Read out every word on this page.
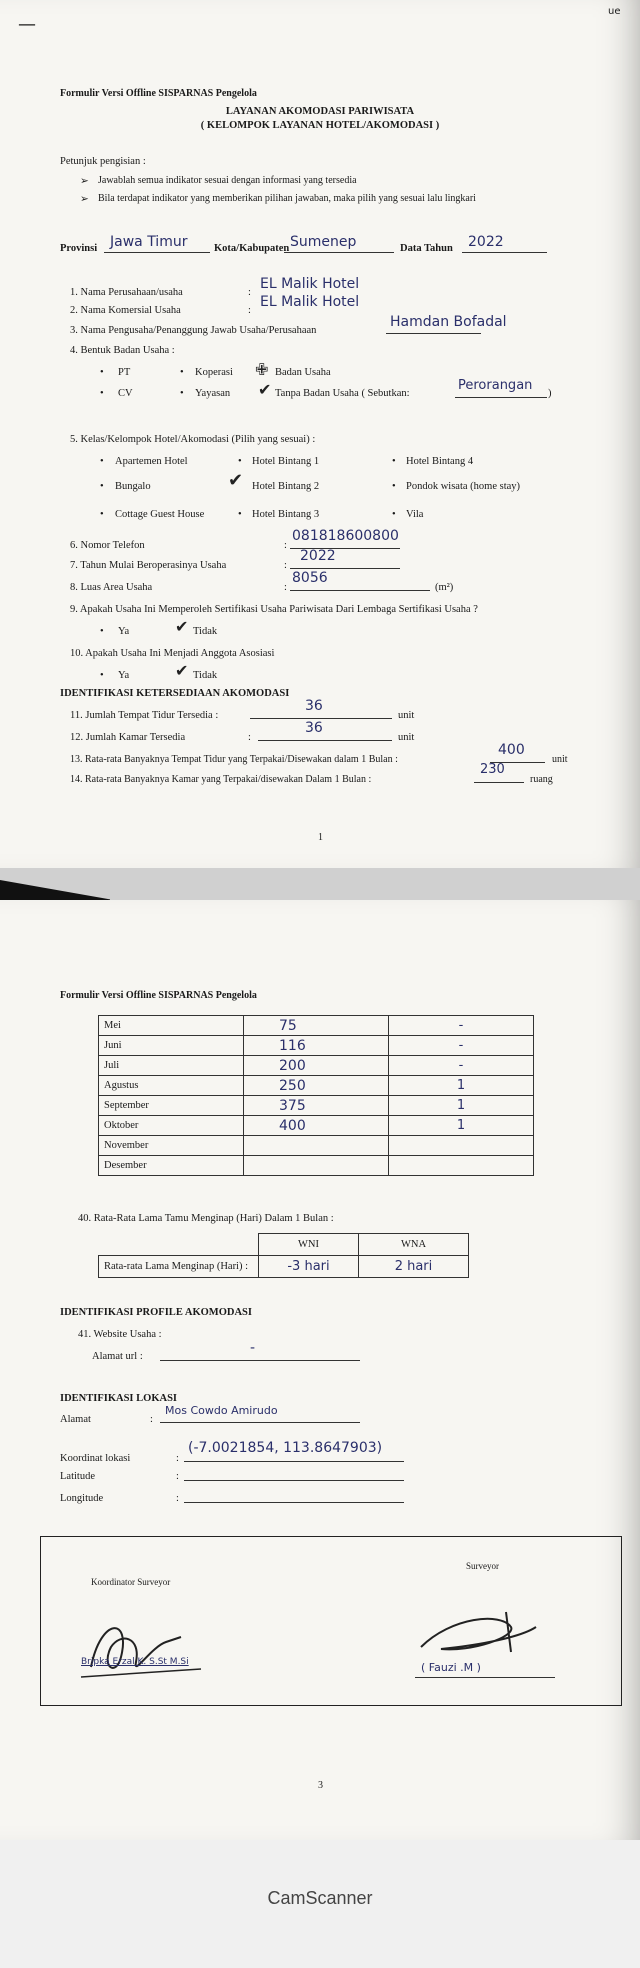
—
ue
Formulir Versi Offline SISPARNAS Pengelola
LAYANAN AKOMODASI PARIWISATA
( KELOMPOK LAYANAN HOTEL/AKOMODASI )
Petunjuk pengisian :
➢ Jawablah semua indikator sesuai dengan informasi yang tersedia
➢ Bila terdapat indikator yang memberikan pilihan jawaban, maka pilih yang sesuai lalu lingkari
Provinsi Jawa Timur	Kota/Kabupaten Sumenep	Data Tahun 2022
1. Nama Perusahaan/usaha	:
EL Malik Hotel
2. Nama Komersial Usaha	:
EL Malik Hotel
3. Nama Pengusaha/Penanggung Jawab Usaha/Perusahaan
Hamdan Bofadal
4. Bentuk Badan Usaha :
• PT	• Koperasi ✙ Badan Usaha
• CV	• Yayasan ✔ Tanpa Badan Usaha ( Sebutkan:
Perorangan
)
5. Kelas/Kelompok Hotel/Akomodasi (Pilih yang sesuai) :
• Apartemen Hotel	• Hotel Bintang 1	• Hotel Bintang 4
• Bungalo	✔ Hotel Bintang 2	• Pondok wisata (home stay)
• Cottage Guest House	• Hotel Bintang 3	• Vila
6. Nomor Telefon	:
081818600800
7. Tahun Mulai Beroperasinya Usaha	:
2022
8. Luas Area Usaha	:
8056
(m²)
9. Apakah Usaha Ini Memperoleh Sertifikasi Usaha Pariwisata Dari Lembaga Sertifikasi Usaha ?
• Ya	✔ Tidak
10. Apakah Usaha Ini Menjadi Anggota Asosiasi
• Ya	✔ Tidak
IDENTIFIKASI KETERSEDIAAN AKOMODASI
11. Jumlah Tempat Tidur Tersedia :
36
unit
12. Jumlah Kamar Tersedia	:
36
unit
13. Rata-rata Banyaknya Tempat Tidur yang Terpakai/Disewakan dalam 1 Bulan :
400
unit
14. Rata-rata Banyaknya Kamar yang Terpakai/disewakan Dalam 1 Bulan :
230
ruang
1
Formulir Versi Offline SISPARNAS Pengelola
Mei	75	-
Juni	116	-
Juli	200	-
Agustus	250	1
September	375	1
Oktober	400	1
November		
Desember		
40. Rata-Rata Lama Tamu Menginap (Hari) Dalam 1 Bulan :
	WNI	WNA
Rata-rata Lama Menginap (Hari) :	-3 hari	2 hari
IDENTIFIKASI PROFILE AKOMODASI
41. Website Usaha :
Alamat url :
-
IDENTIFIKASI LOKASI
Alamat	:
Mos Cowdo Amirudo
Koordinat lokasi	:
(-7.0021854, 113.8647903)
Latitude	:
Longitude	:
Koordinator Surveyor
Bripka Erzal K. S.St M.Si
Surveyor
( Fauzi .M )
3
CamScanner
